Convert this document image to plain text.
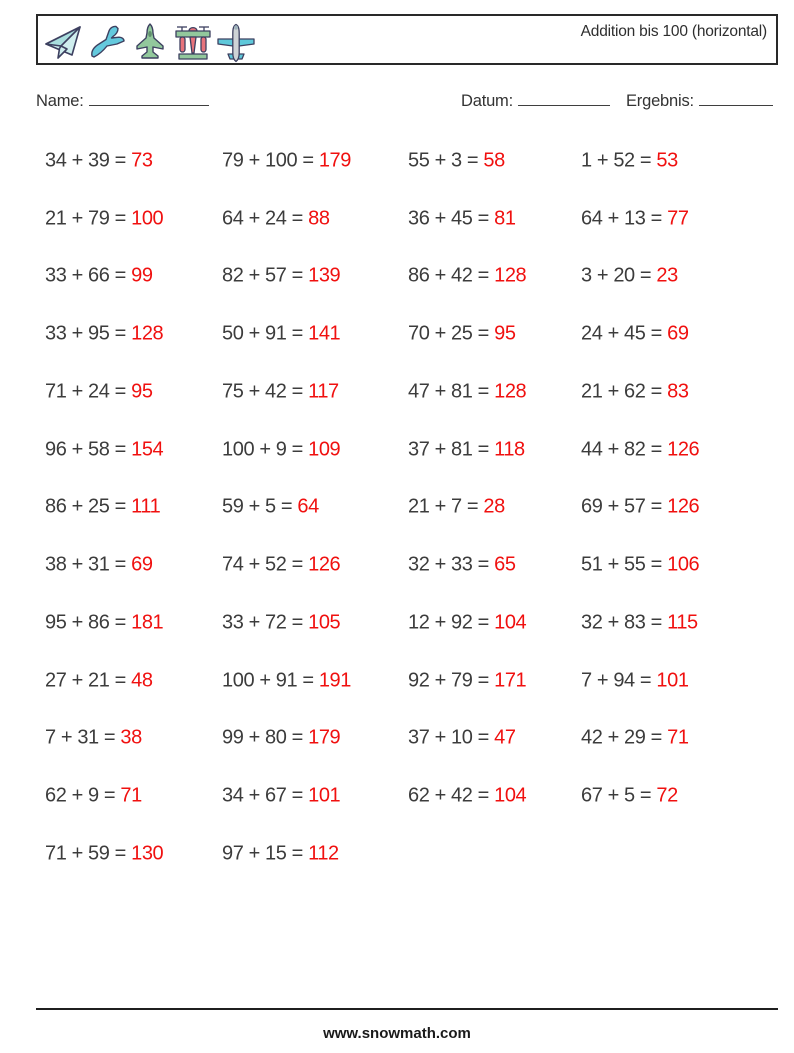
Addition bis 100 (horizontal)
Name:	Datum:	Ergebnis:
34 + 39 = 73	79 + 100 = 179	55 + 3 = 58	1 + 52 = 53
21 + 79 = 100	64 + 24 = 88	36 + 45 = 81	64 + 13 = 77
33 + 66 = 99	82 + 57 = 139	86 + 42 = 128	3 + 20 = 23
33 + 95 = 128	50 + 91 = 141	70 + 25 = 95	24 + 45 = 69
71 + 24 = 95	75 + 42 = 117	47 + 81 = 128	21 + 62 = 83
96 + 58 = 154	100 + 9 = 109	37 + 81 = 118	44 + 82 = 126
86 + 25 = 111	59 + 5 = 64	21 + 7 = 28	69 + 57 = 126
38 + 31 = 69	74 + 52 = 126	32 + 33 = 65	51 + 55 = 106
95 + 86 = 181	33 + 72 = 105	12 + 92 = 104	32 + 83 = 115
27 + 21 = 48	100 + 91 = 191	92 + 79 = 171	7 + 94 = 101
7 + 31 = 38	99 + 80 = 179	37 + 10 = 47	42 + 29 = 71
62 + 9 = 71	34 + 67 = 101	62 + 42 = 104	67 + 5 = 72
71 + 59 = 130	97 + 15 = 112
www.snowmath.com
